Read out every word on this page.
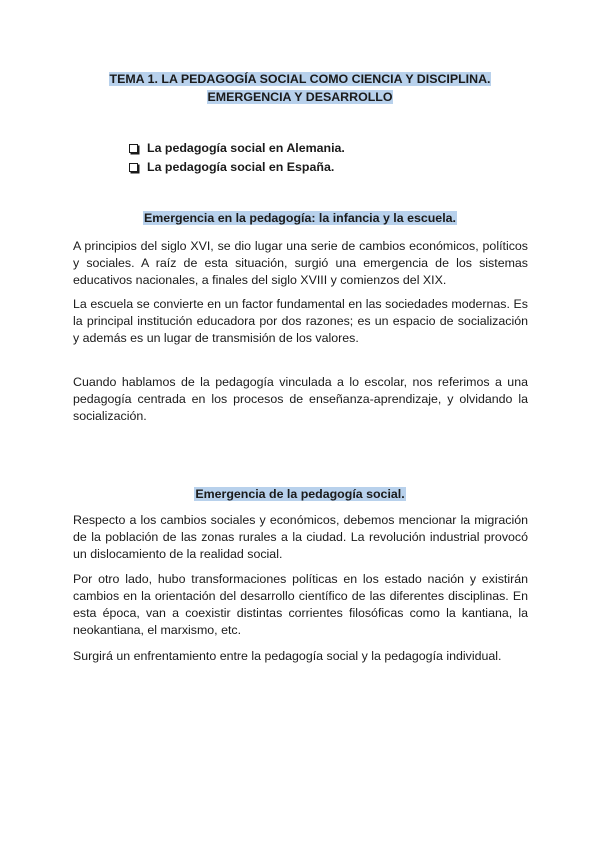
TEMA 1. LA PEDAGOGÍA SOCIAL COMO CIENCIA Y DISCIPLINA.
EMERGENCIA Y DESARROLLO
La pedagogía social en Alemania.
La pedagogía social en España.
Emergencia en la pedagogía: la infancia y la escuela.

A principios del siglo XVI, se dio lugar una serie de cambios económicos, políticos y sociales. A raíz de esta situación, surgió una emergencia de los sistemas educativos nacionales, a finales del siglo XVIII y comienzos del XIX.

La escuela se convierte en un factor fundamental en las sociedades modernas. Es la principal institución educadora por dos razones; es un espacio de socialización y además es un lugar de transmisión de los valores.

Cuando hablamos de la pedagogía vinculada a lo escolar, nos referimos a una pedagogía centrada en los procesos de enseñanza-aprendizaje, y olvidando la socialización.

Emergencia de la pedagogía social.

Respecto a los cambios sociales y económicos, debemos mencionar la migración de la población de las zonas rurales a la ciudad. La revolución industrial provocó un dislocamiento de la realidad social.

Por otro lado, hubo transformaciones políticas en los estado nación y existirán cambios en la orientación del desarrollo científico de las diferentes disciplinas. En esta época, van a coexistir distintas corrientes filosóficas como la kantiana, la neokantiana, el marxismo, etc.

Surgirá un enfrentamiento entre la pedagogía social y la pedagogía individual.
